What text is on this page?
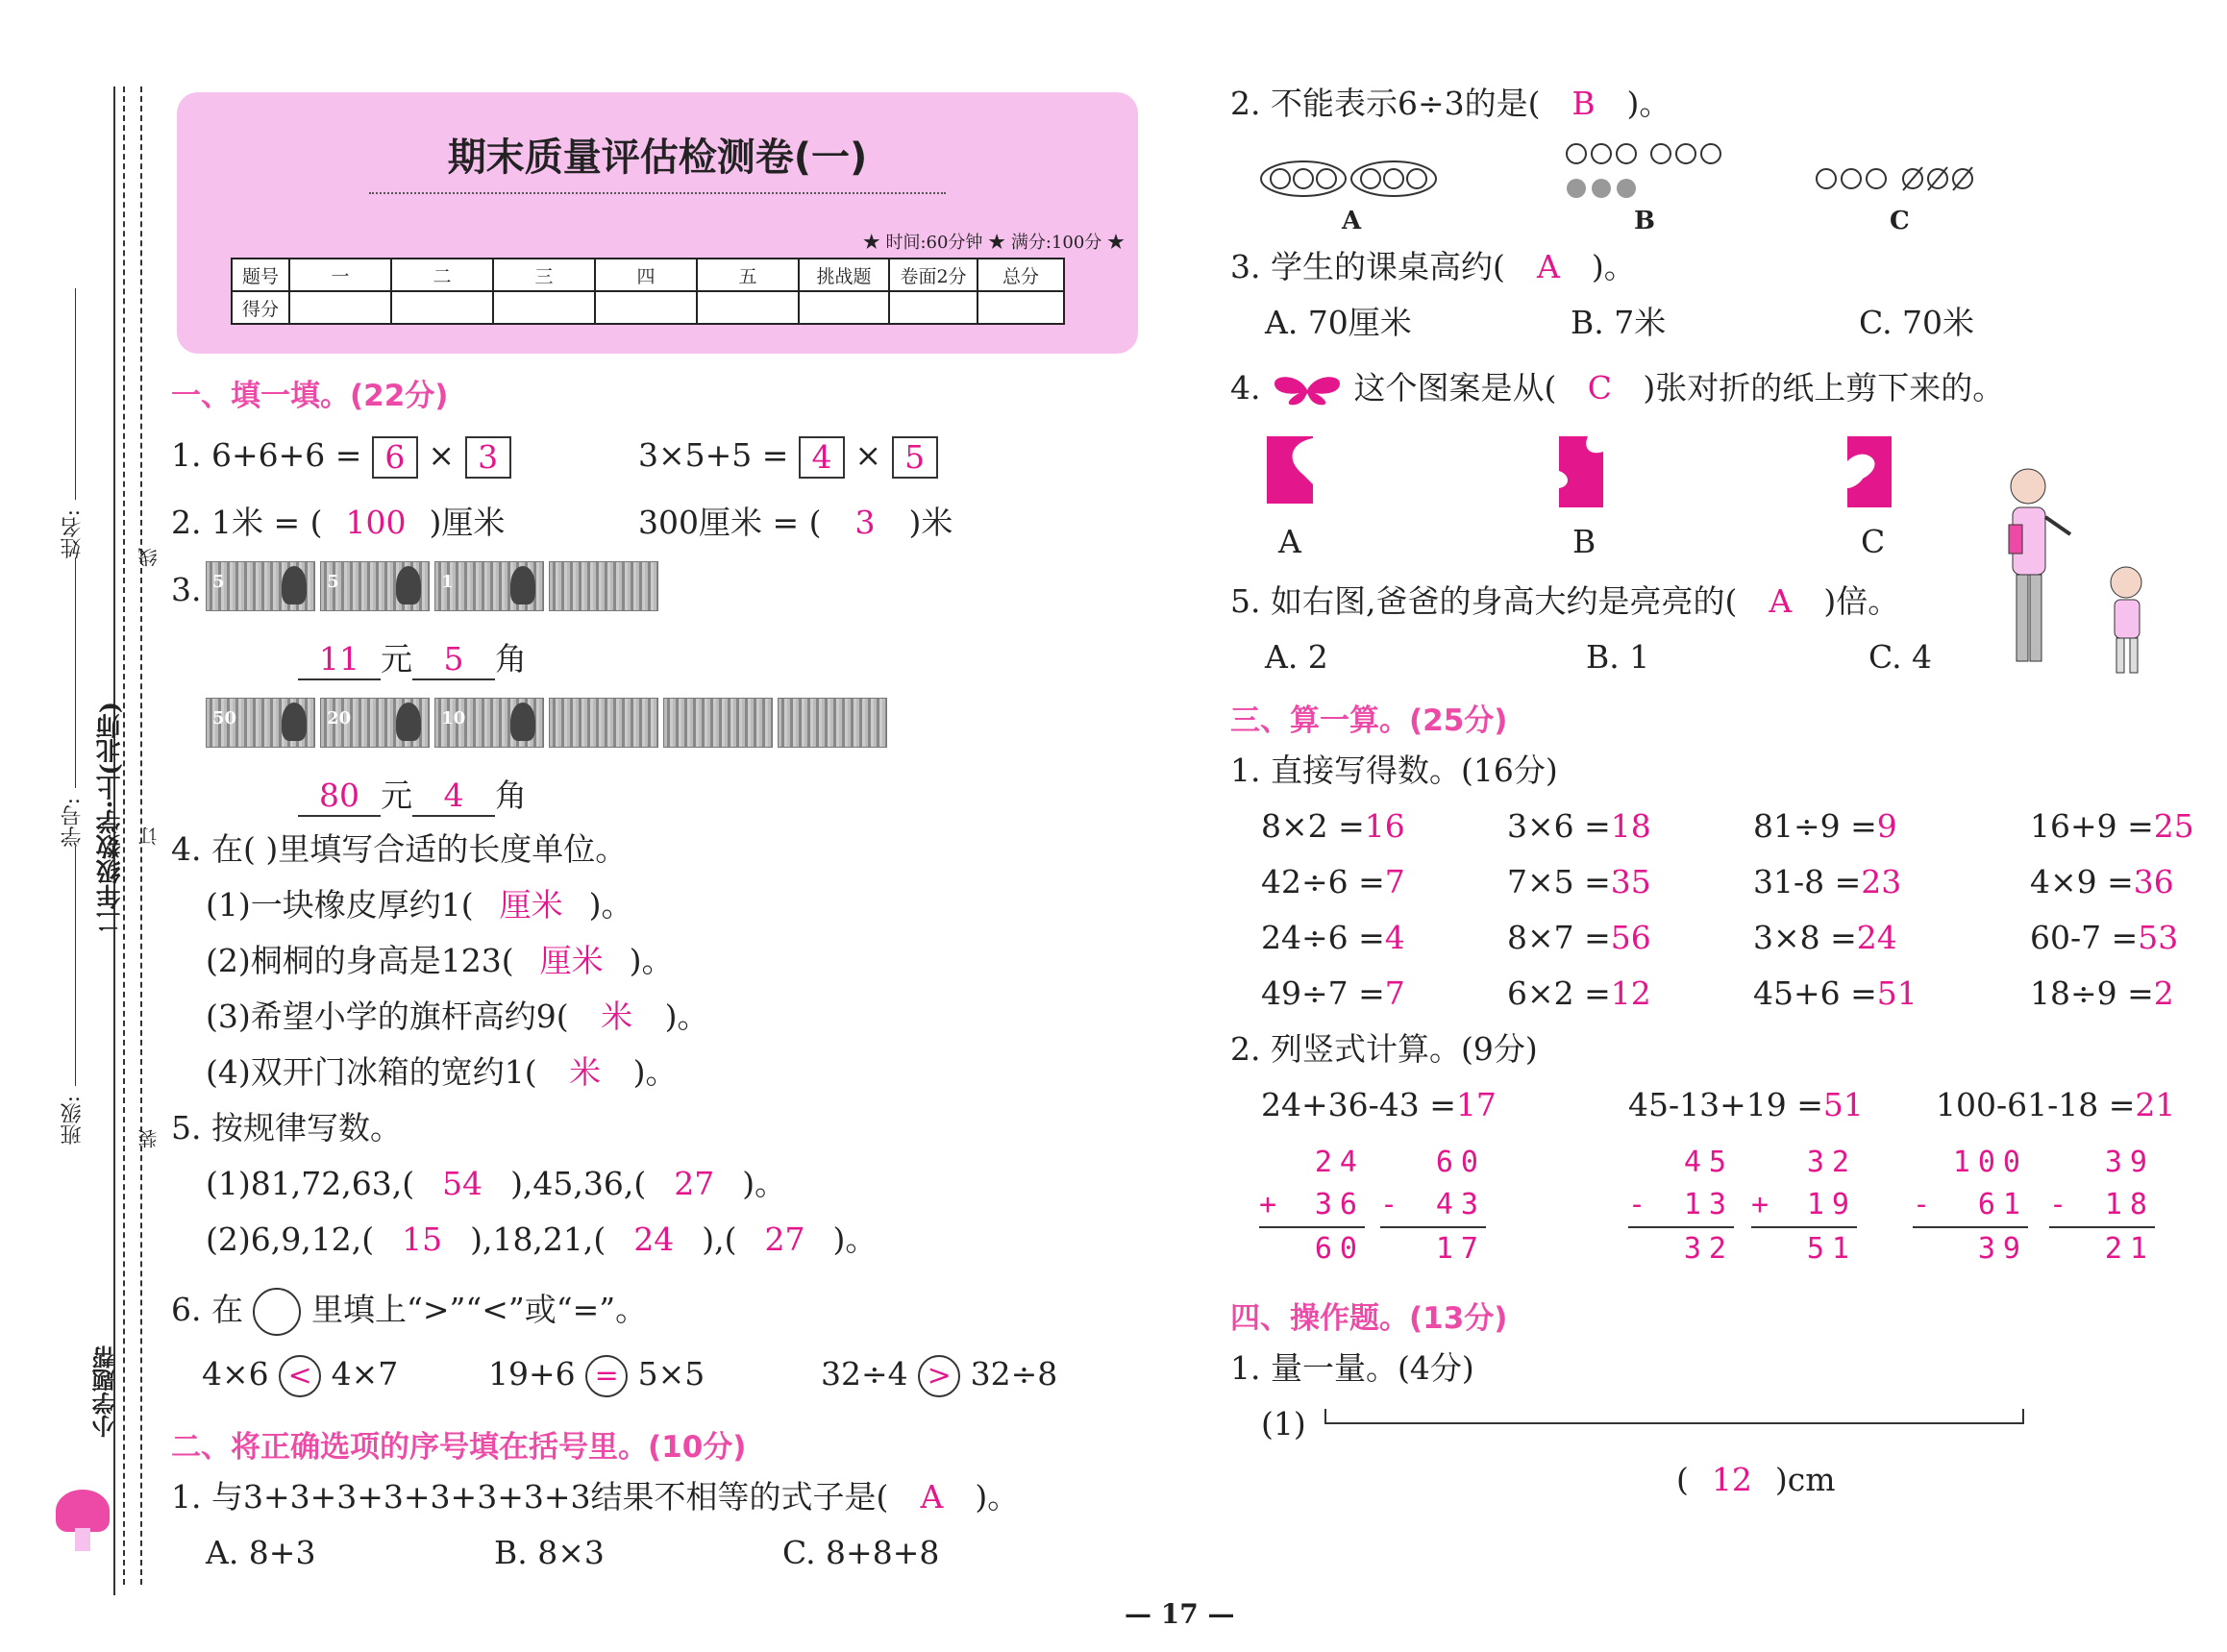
姓名:
学号:
班级:
二年级数学·上(北师)
小学题帮
线
订
装
期末质量评估检测卷(一)
★ 时间:60分钟 ★ 满分:100分 ★
题号	一	二	三	四	五	挑战题	卷面2分	总分
得分								
一、填一填。(22分)
1. 6+6+6 = 6 × 3	3×5+5 = 4 × 5
2. 1米 = ( 100 )厘米	300厘米 = ( 3 )米
3. 5
	5
	1

11 元 5 角
50
	20
	10

80 元 4 角
4. 在( )里填写合适的长度单位。
(1)一块橡皮厚约1( 厘米 )。
(2)桐桐的身高是123( 厘米 )。
(3)希望小学的旗杆高约9( 米 )。
(4)双开门冰箱的宽约1( 米 )。
5. 按规律写数。
(1)81,72,63,( 54 ),45,36,( 27 )。
(2)6,9,12,( 15 ),18,21,( 24 ),( 27 )。
6. 在 里填上“>”“<”或“=”。
4×6 < 4×7	19+6 = 5×5	32÷4 > 32÷8
二、将正确选项的序号填在括号里。(10分)
1. 与3+3+3+3+3+3+3+3结果不相等的式子是( A )。
A. 8+3	B. 8×3	C. 8+8+8
2. 不能表示6÷3的是( B )。
A	B	C
3. 学生的课桌高约( A )。
A. 70厘米	B. 7米	C. 70米
4.	这个图案是从( C )张对折的纸上剪下来的。
A	B	C
5. 如右图,爸爸的身高大约是亮亮的( A )倍。
A. 2	B. 1	C. 4
三、算一算。(25分)
1. 直接写得数。(16分)
8×2 =16	3×6 =18	81÷9 =9	16+9 =25
42÷6 =7	7×5 =35	31-8 =23	4×9 =36
24÷6 =4	8×7 =56	3×8 =24	60-7 =53
49÷7 =7	6×2 =12	45+6 =51	18÷9 =2
2. 列竖式计算。(9分)
24+36-43 =17	45-13+19 =51 100-61-18 =21
24
+ 36
60
60
- 43
17
45
- 13
32
32
+ 19
51
100
- 61
39
39
- 18
21
四、操作题。(13分)
1. 量一量。(4分)
(1)
( 12 )cm
— 17 —
